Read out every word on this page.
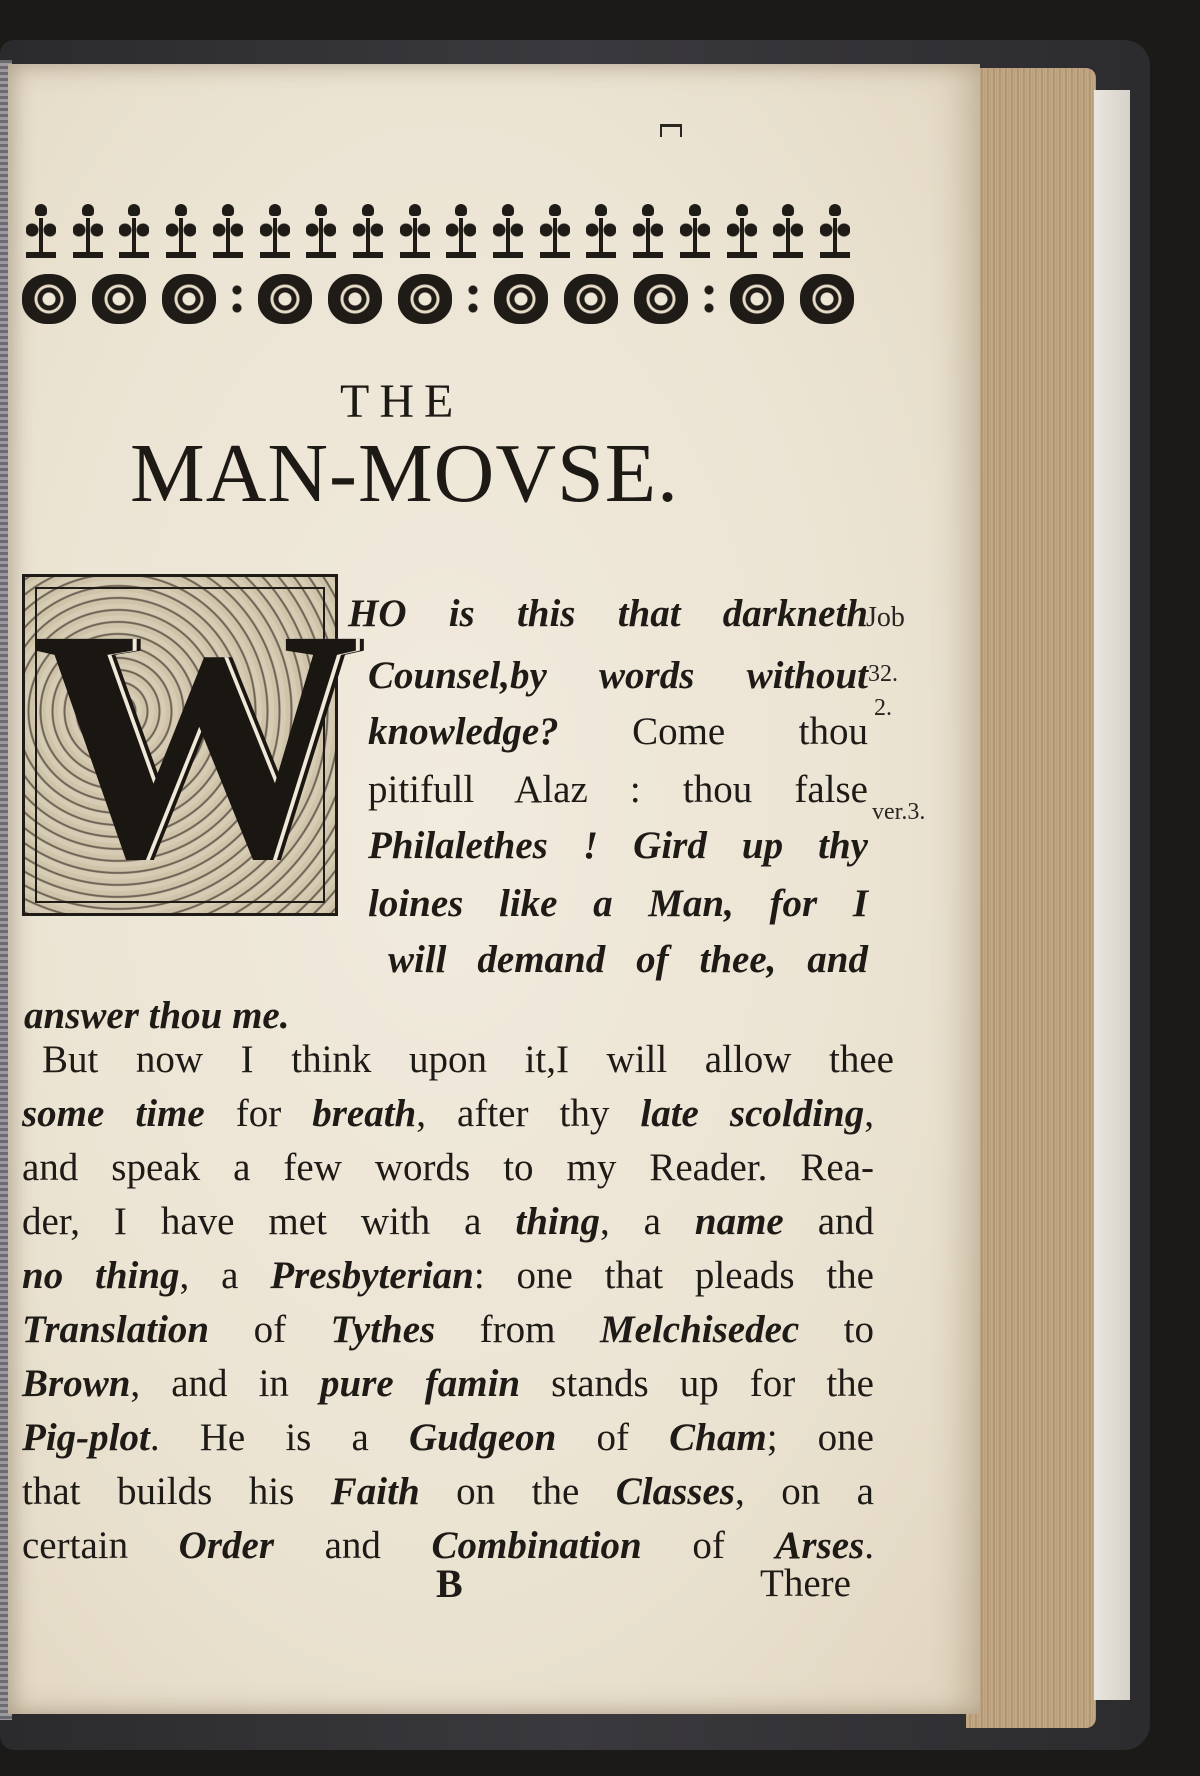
THE
MAN-MOVSE.
W
HO is this that darkneth
Counsel,by words without
knowledge? Come thou
pitifull Alaz : thou false
Philalethes ! Gird up thy
loines like a Man, for I
will demand of thee, and
answer thou me.
But now I think upon it,I will allow thee
some time for breath, after thy late scolding,
and speak a few words to my Reader. Rea-
der, I have met with a thing, a name and
no thing, a Presbyterian: one that pleads the
Translation of Tythes from Melchisedec to
Brown, and in pure famin stands up for the
Pig-plot. He is a Gudgeon of Cham; one
that builds his Faith on the Classes, on a
certain Order and Combination of Arses.
Job
32.
2.
ver.3.
B	There
